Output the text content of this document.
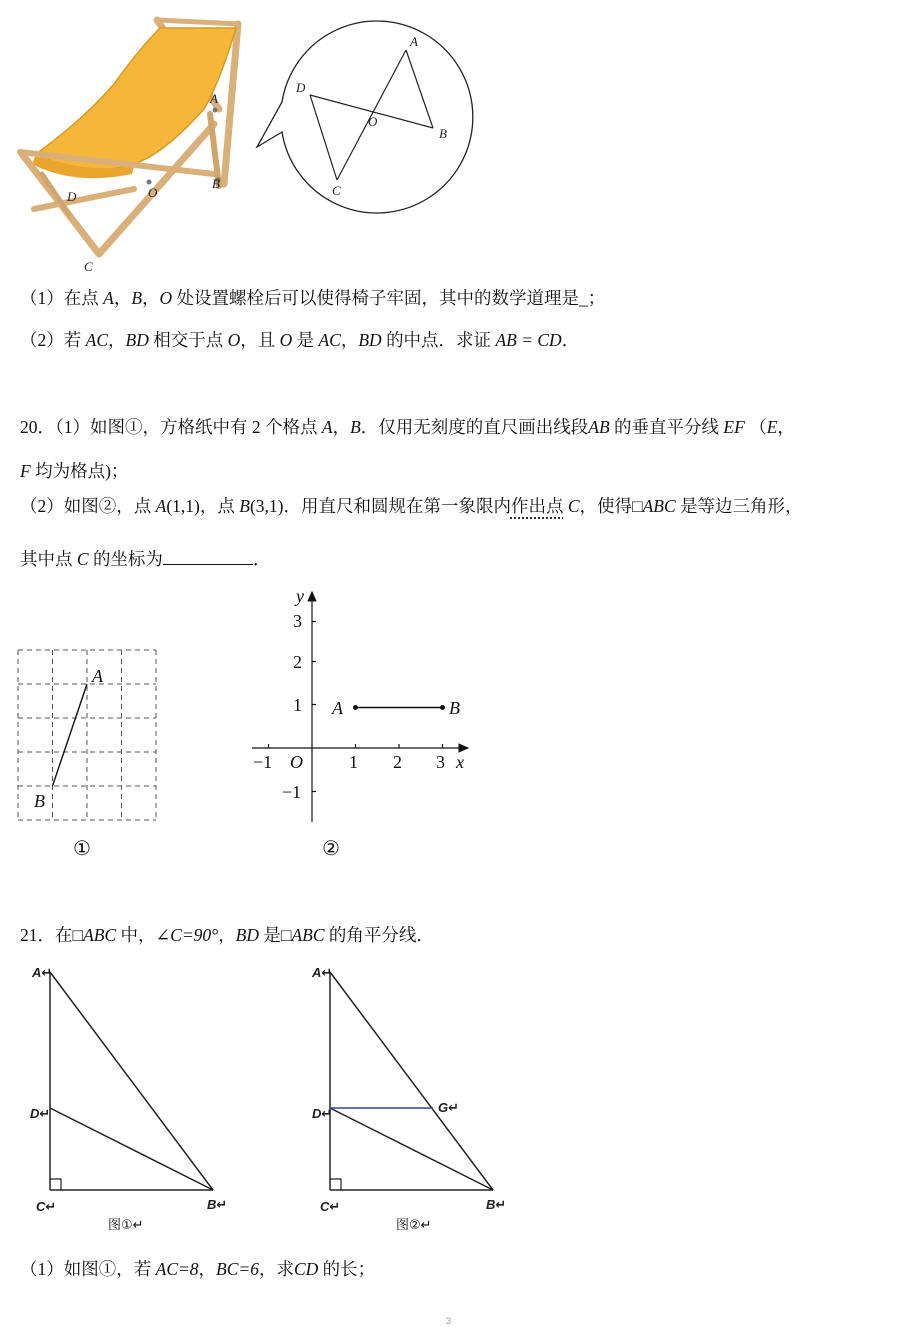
A
B
O
D
C
A
B
O
D
C
（1）在点 A，B，O 处设置螺栓后可以使得椅子牢固，其中的数学道理是_；
（2）若 AC，BD 相交于点 O，且 O 是 AC，BD 的中点．求证 AB = CD．
20．（1）如图①，方格纸中有 2 个格点 A，B．仅用无刻度的直尺画出线段AB 的垂直平分线 EF （E，
F 均为格点)；
（2）如图②，点 A(1,1)，点 B(3,1)．用直尺和圆规在第一象限内作出点 C，使得□ABC 是等边三角形，
其中点 C 的坐标为	．
A
B
①
y
x
O
−1	1 2 3
3
2
1
−1
A	B
②
21．在□ABC 中，∠C=90°，BD 是□ABC 的角平分线．
A↵
D↵
C↵	B↵
图①↵
A↵
D↵	G↵
C↵	B↵
图②↵
（1）如图①，若 AC=8，BC=6，求CD 的长；
3
